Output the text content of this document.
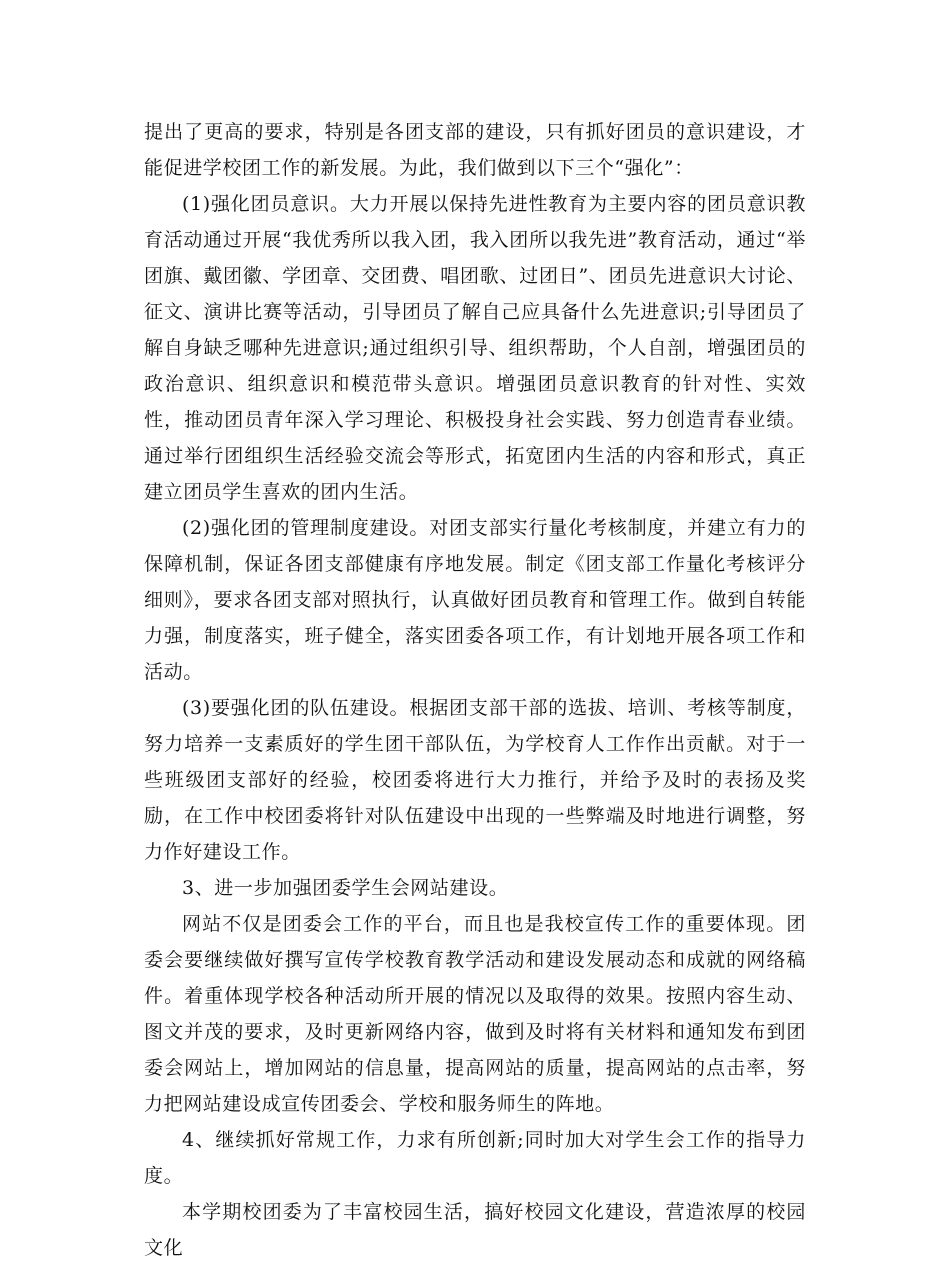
提出了更高的要求，特别是各团支部的建设，只有抓好团员的意识建设，才能促进学校团工作的新发展。为此，我们做到以下三个“强化”：

(1)强化团员意识。大力开展以保持先进性教育为主要内容的团员意识教育活动通过开展“我优秀所以我入团，我入团所以我先进”教育活动，通过“举团旗、戴团徽、学团章、交团费、唱团歌、过团日”、团员先进意识大讨论、征文、演讲比赛等活动，引导团员了解自己应具备什么先进意识;引导团员了解自身缺乏哪种先进意识;通过组织引导、组织帮助，个人自剖，增强团员的政治意识、组织意识和模范带头意识。增强团员意识教育的针对性、实效性，推动团员青年深入学习理论、积极投身社会实践、努力创造青春业绩。通过举行团组织生活经验交流会等形式，拓宽团内生活的内容和形式，真正建立团员学生喜欢的团内生活。

(2)强化团的管理制度建设。对团支部实行量化考核制度，并建立有力的保障机制，保证各团支部健康有序地发展。制定《团支部工作量化考核评分细则》，要求各团支部对照执行，认真做好团员教育和管理工作。做到自转能力强，制度落实，班子健全，落实团委各项工作，有计划地开展各项工作和活动。

(3)要强化团的队伍建设。根据团支部干部的选拔、培训、考核等制度，努力培养一支素质好的学生团干部队伍，为学校育人工作作出贡献。对于一些班级团支部好的经验，校团委将进行大力推行，并给予及时的表扬及奖励，在工作中校团委将针对队伍建设中出现的一些弊端及时地进行调整，努力作好建设工作。

3、进一步加强团委学生会网站建设。

网站不仅是团委会工作的平台，而且也是我校宣传工作的重要体现。团委会要继续做好撰写宣传学校教育教学活动和建设发展动态和成就的网络稿件。着重体现学校各种活动所开展的情况以及取得的效果。按照内容生动、图文并茂的要求，及时更新网络内容，做到及时将有关材料和通知发布到团委会网站上，增加网站的信息量，提高网站的质量，提高网站的点击率，努力把网站建设成宣传团委会、学校和服务师生的阵地。

4、继续抓好常规工作，力求有所创新;同时加大对学生会工作的指导力度。

本学期校团委为了丰富校园生活，搞好校园文化建设，营造浓厚的校园文化
